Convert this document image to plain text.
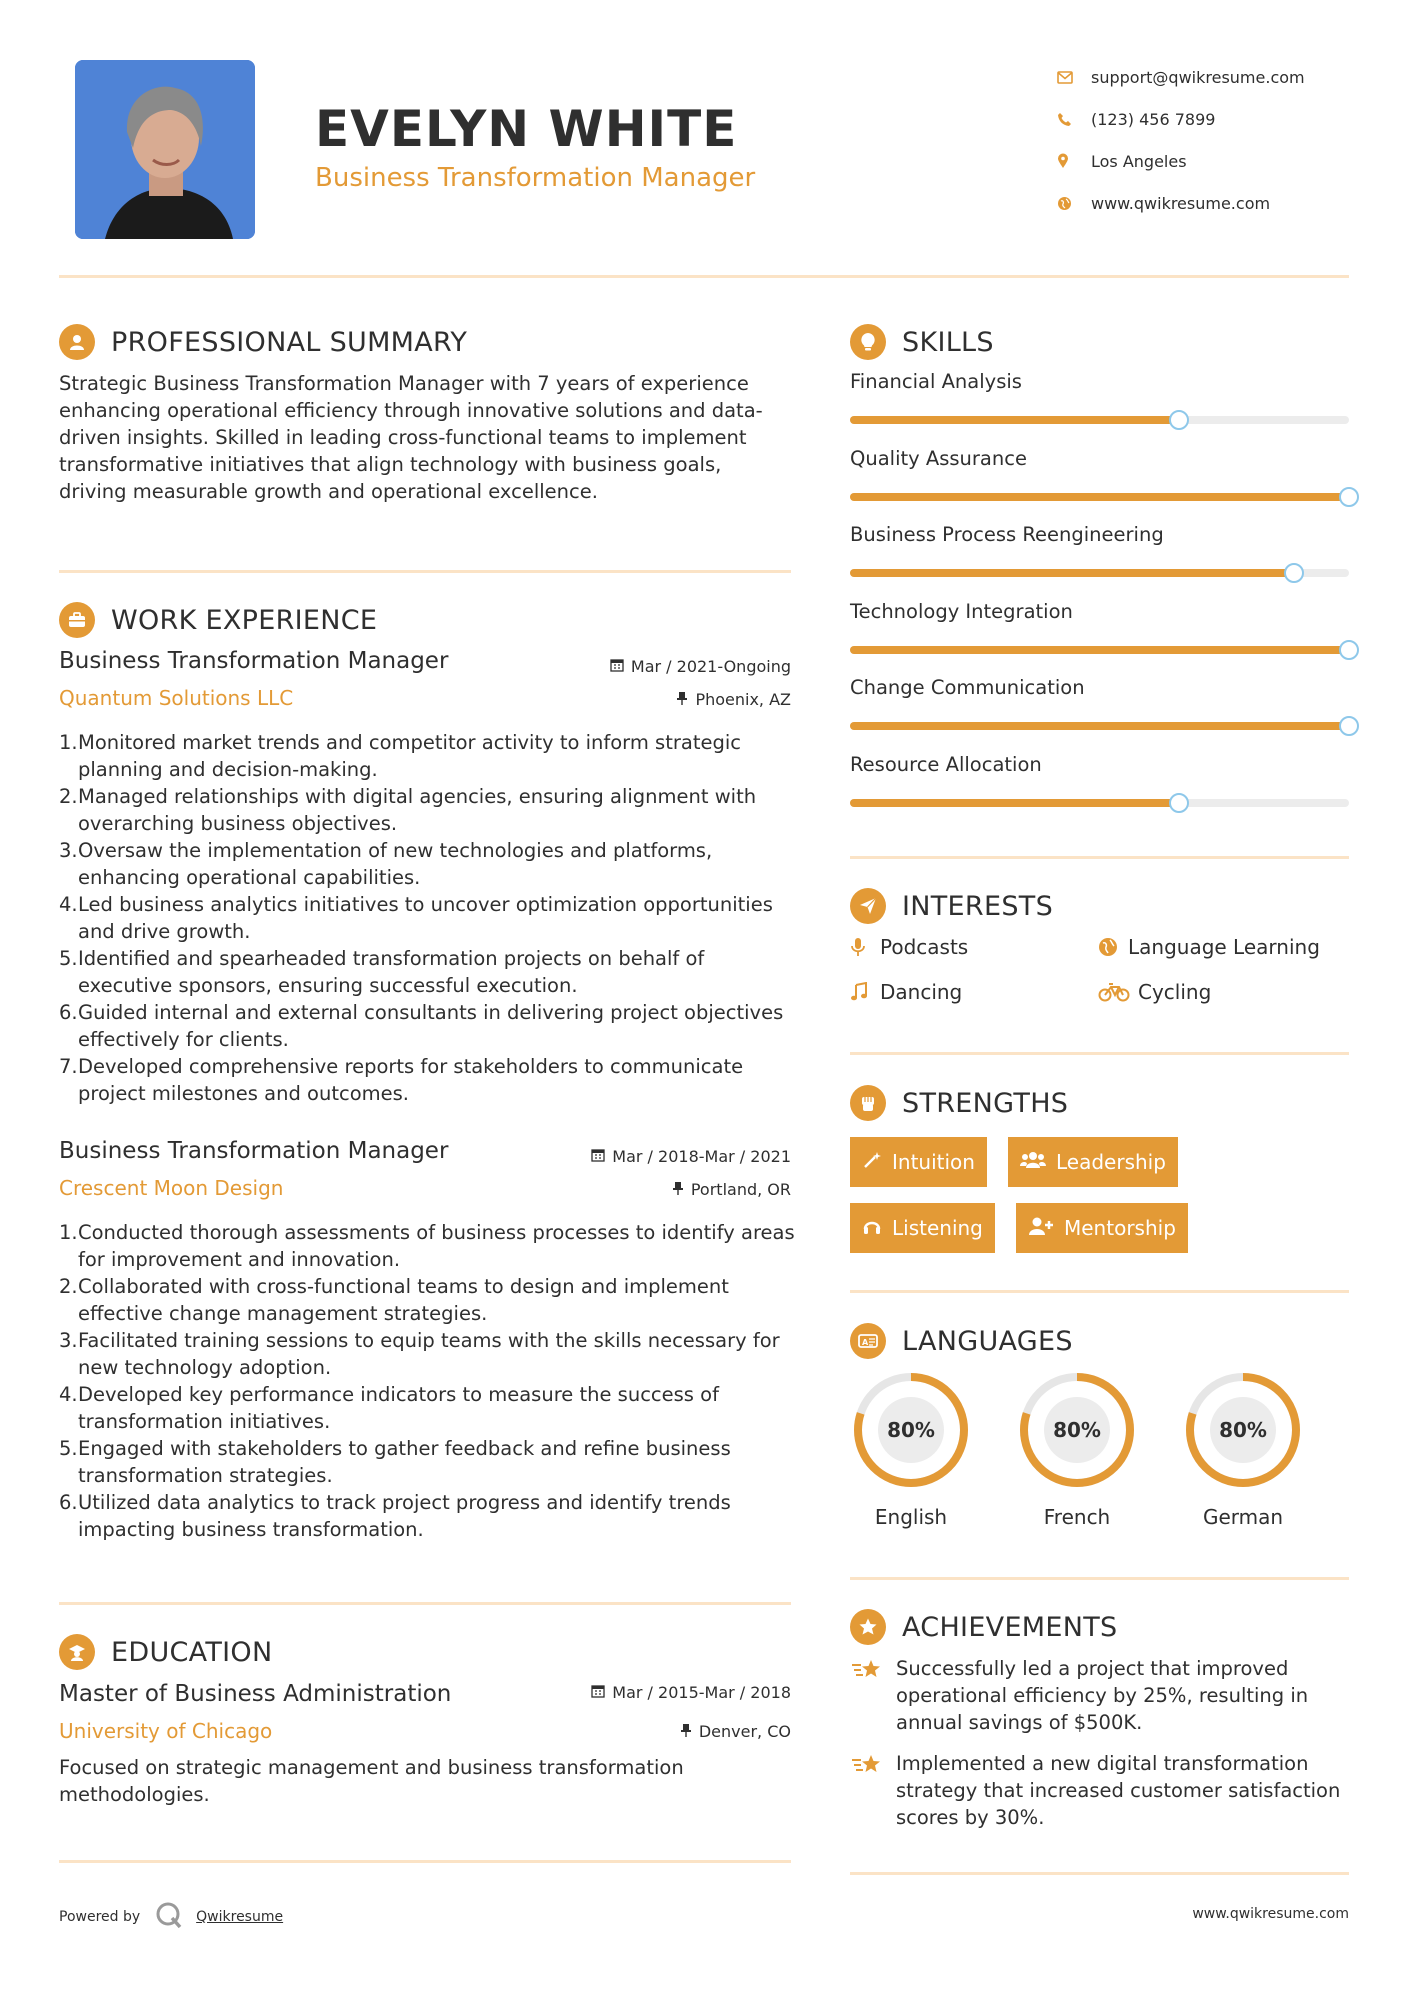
EVELYN WHITE
Business Transformation Manager
support@qwikresume.com
(123) 456 7899
Los Angeles
www.qwikresume.com
PROFESSIONAL SUMMARY
Strategic Business Transformation Manager with 7 years of experience enhancing operational efficiency through innovative solutions and data-driven insights. Skilled in leading cross-functional teams to implement transformative initiatives that align technology with business goals, driving measurable growth and operational excellence.
WORK EXPERIENCE
Business Transformation Manager	Mar / 2021-Ongoing
Quantum Solutions LLC	Phoenix, AZ
1. Monitored market trends and competitor activity to inform strategic planning and decision-making.
2. Managed relationships with digital agencies, ensuring alignment with overarching business objectives.
3. Oversaw the implementation of new technologies and platforms, enhancing operational capabilities.
4. Led business analytics initiatives to uncover optimization opportunities and drive growth.
5. Identified and spearheaded transformation projects on behalf of executive sponsors, ensuring successful execution.
6. Guided internal and external consultants in delivering project objectives effectively for clients.
7. Developed comprehensive reports for stakeholders to communicate project milestones and outcomes.
Business Transformation Manager	Mar / 2018-Mar / 2021
Crescent Moon Design	Portland, OR
1. Conducted thorough assessments of business processes to identify areas for improvement and innovation.
2. Collaborated with cross-functional teams to design and implement effective change management strategies.
3. Facilitated training sessions to equip teams with the skills necessary for new technology adoption.
4. Developed key performance indicators to measure the success of transformation initiatives.
5. Engaged with stakeholders to gather feedback and refine business transformation strategies.
6. Utilized data analytics to track project progress and identify trends impacting business transformation.
EDUCATION
Master of Business Administration	Mar / 2015-Mar / 2018
University of Chicago	Denver, CO
Focused on strategic management and business transformation methodologies.
SKILLS
Financial Analysis
Quality Assurance
Business Process Reengineering
Technology Integration
Change Communication
Resource Allocation
INTERESTS
Podcasts	Language Learning
Dancing	Cycling
STRENGTHS
Intuition	Leadership
Listening	Mentorship
A LANGUAGES
80%
English
80%
French
80%
German
ACHIEVEMENTS
Successfully led a project that improved operational efficiency by 25%, resulting in annual savings of $500K.
Implemented a new digital transformation strategy that increased customer satisfaction scores by 30%.
Powered by	Qwikresume	www.qwikresume.com
